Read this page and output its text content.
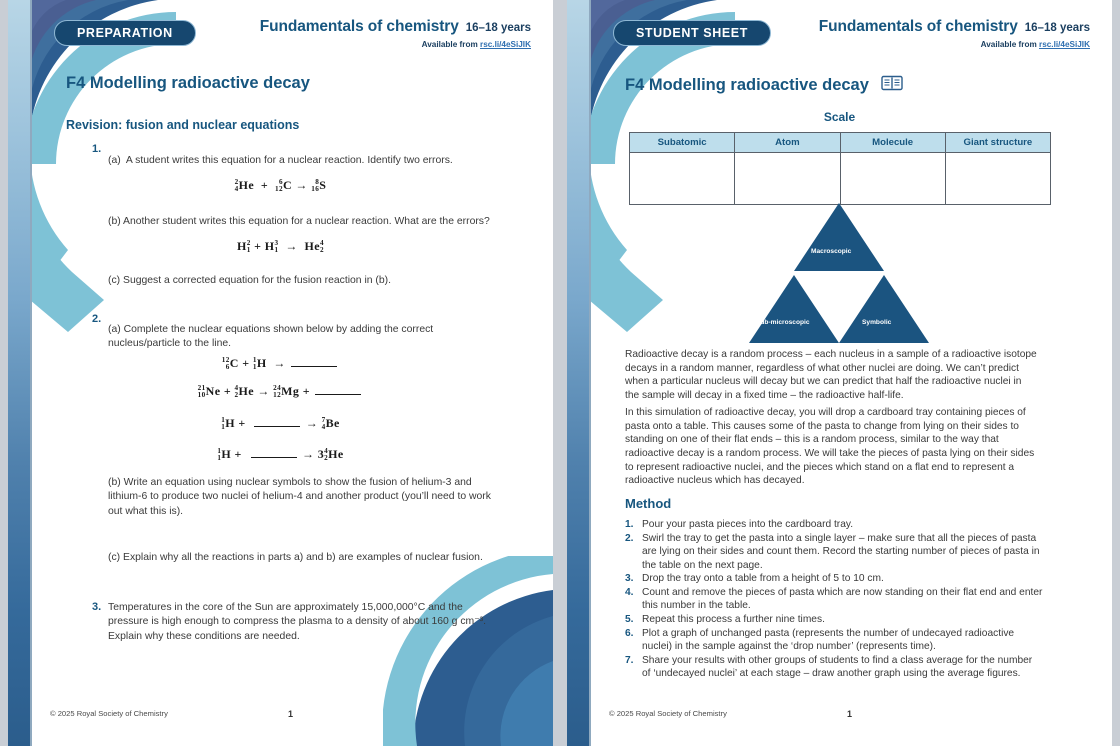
PREPARATION	Fundamentals of chemistry 16–18 years
Available from rsc.li/4eSiJIK
F4 Modelling radioactive decay
Revision: fusion and nuclear equations
1.
(a) A student writes this equation for a nuclear reaction. Identify two errors.
2
4 He  + 6
12 C → 8
16 S
(b) Another student writes this equation for a nuclear reaction. What are the errors?
H 2
1 + H 3
1 →  He 4
2
(c) Suggest a corrected equation for the fusion reaction in (b).
2.
(a) Complete the nuclear equations shown below by adding the correct nucleus/particle to the line.
12
6 C + 1
1 H  →
21
10 Ne + 4
2 He → 24
12 Mg +
1
1 H +	→ 7
4 Be
1
1 H +	→ 3 4
2 He
(b) Write an equation using nuclear symbols to show the fusion of helium-3 and lithium-6 to produce two nuclei of helium-4 and another product (you’ll need to work out what this is).
(c) Explain why all the reactions in parts a) and b) are examples of nuclear fusion.
3. Temperatures in the core of the Sun are approximately 15,000,000°C and the pressure is high enough to compress the plasma to a density of about 160 g cm⁻³. Explain why these conditions are needed.
© 2025 Royal Society of Chemistry	1
STUDENT SHEET	Fundamentals of chemistry 16–18 years
Available from rsc.li/4eSiJIK
F4 Modelling radioactive decay
Scale
Subatomic	Atom	Molecule	Giant structure

Macroscopic
Sub-microscopic	Symbolic
Radioactive decay is a random process – each nucleus in a sample of a radioactive isotope decays in a random manner, regardless of what other nuclei are doing. We can’t predict when a particular nucleus will decay but we can predict that half the radioactive nuclei in the sample will decay in a fixed time – the radioactive half-life.
In this simulation of radioactive decay, you will drop a cardboard tray containing pieces of pasta onto a table. This causes some of the pasta to change from lying on their sides to standing on one of their flat ends – this is a random process, similar to the way that radioactive decay is a random process. We will take the pieces of pasta lying on their sides to represent radioactive nuclei, and the pieces which stand on a flat end to represent a radioactive nucleus which has decayed.
Method
1. Pour your pasta pieces into the cardboard tray.
2. Swirl the tray to get the pasta into a single layer – make sure that all the pieces of pasta are lying on their sides and count them. Record the starting number of pieces of pasta in the table on the next page.
3. Drop the tray onto a table from a height of 5 to 10 cm.
4. Count and remove the pieces of pasta which are now standing on their flat end and enter this number in the table.
5. Repeat this process a further nine times.
6. Plot a graph of unchanged pasta (represents the number of undecayed radioactive nuclei) in the sample against the ‘drop number’ (represents time).
7. Share your results with other groups of students to find a class average for the number of ‘undecayed nuclei’ at each stage – draw another graph using the average figures.
© 2025 Royal Society of Chemistry	1
